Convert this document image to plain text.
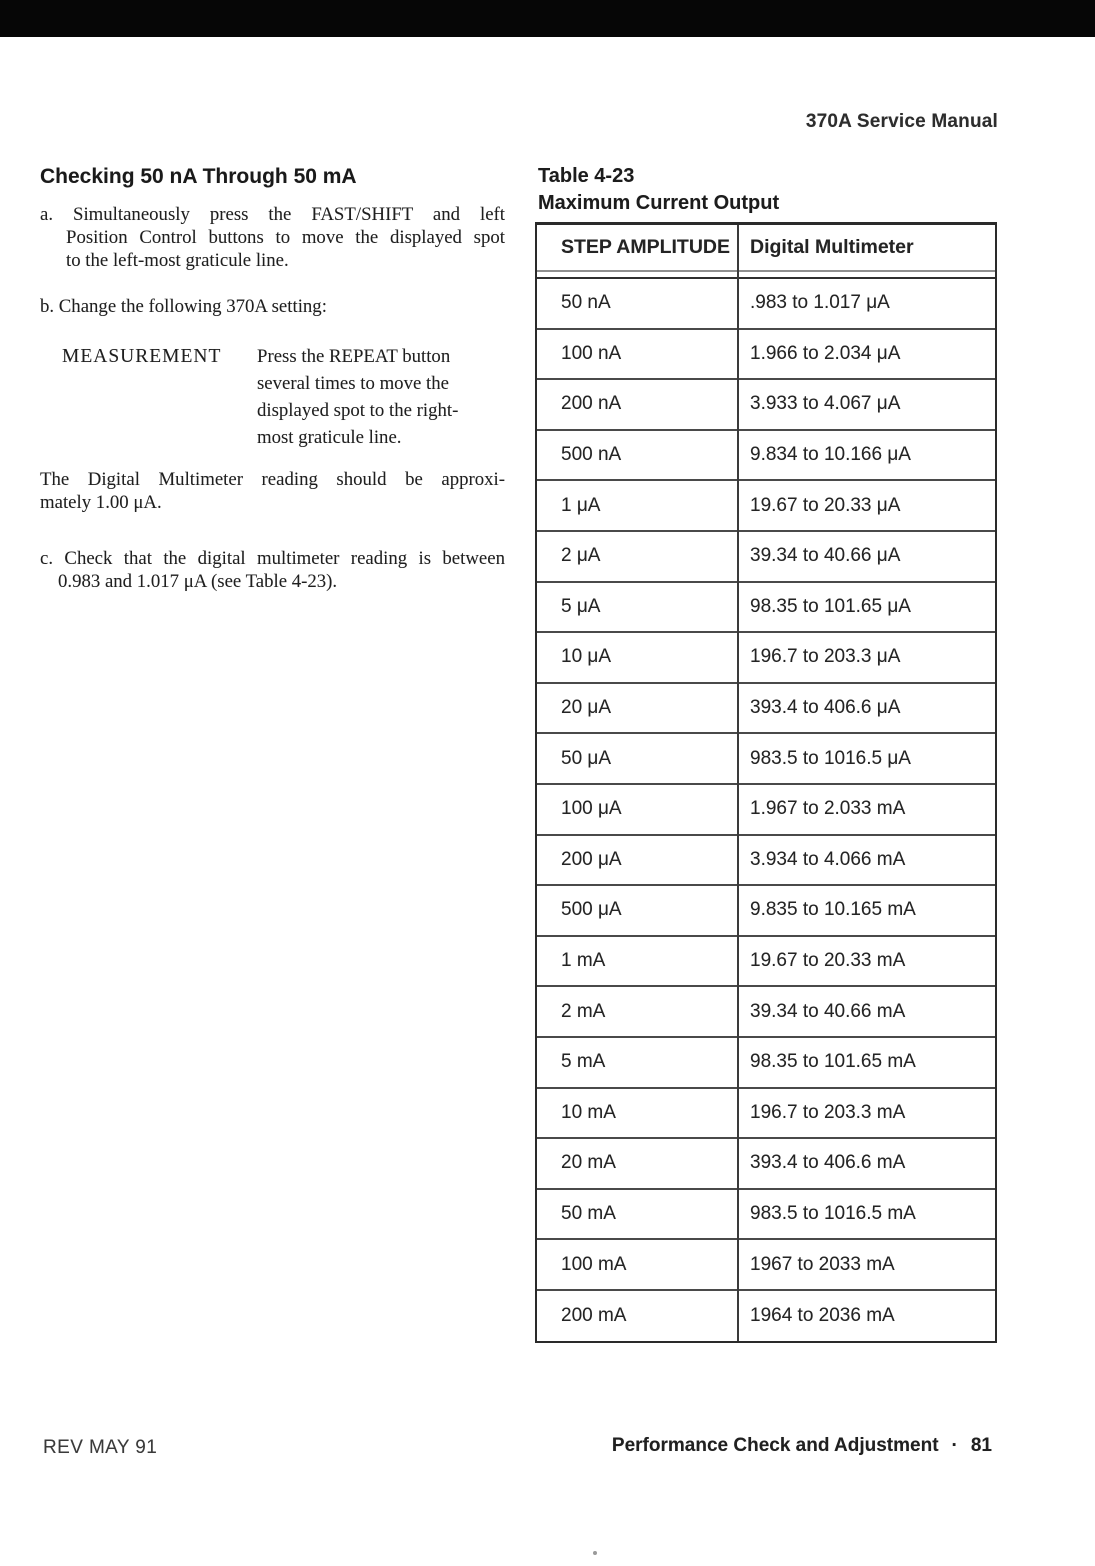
370A Service Manual
Checking 50 nA Through 50 mA
a. Simultaneously press the FAST/SHIFT and left
Position Control buttons to move the displayed spot
to the left-most graticule line.
b. Change the following 370A setting:
MEASUREMENT	Press the REPEAT button
several times to move the
displayed spot to the right-
most graticule line.
The Digital Multimeter reading should be approxi-
mately 1.00 μA.
c. Check that the digital multimeter reading is between
0.983 and 1.017 μA (see Table 4-23).
Table 4-23
Maximum Current Output
STEP AMPLITUDE	Digital Multimeter
50 nA	.983 to 1.017 μA
100 nA	1.966 to 2.034 μA
200 nA	3.933 to 4.067 μA
500 nA	9.834 to 10.166 μA
1 μA	19.67 to 20.33 μA
2 μA	39.34 to 40.66 μA
5 μA	98.35 to 101.65 μA
10 μA	196.7 to 203.3 μA
20 μA	393.4 to 406.6 μA
50 μA	983.5 to 1016.5 μA
100 μA	1.967 to 2.033 mA
200 μA	3.934 to 4.066 mA
500 μA	9.835 to 10.165 mA
1 mA	19.67 to 20.33 mA
2 mA	39.34 to 40.66 mA
5 mA	98.35 to 101.65 mA
10 mA	196.7 to 203.3 mA
20 mA	393.4 to 406.6 mA
50 mA	983.5 to 1016.5 mA
100 mA	1967 to 2033 mA
200 mA	1964 to 2036 mA
REV MAY 91	Performance Check and Adjustment · 81
